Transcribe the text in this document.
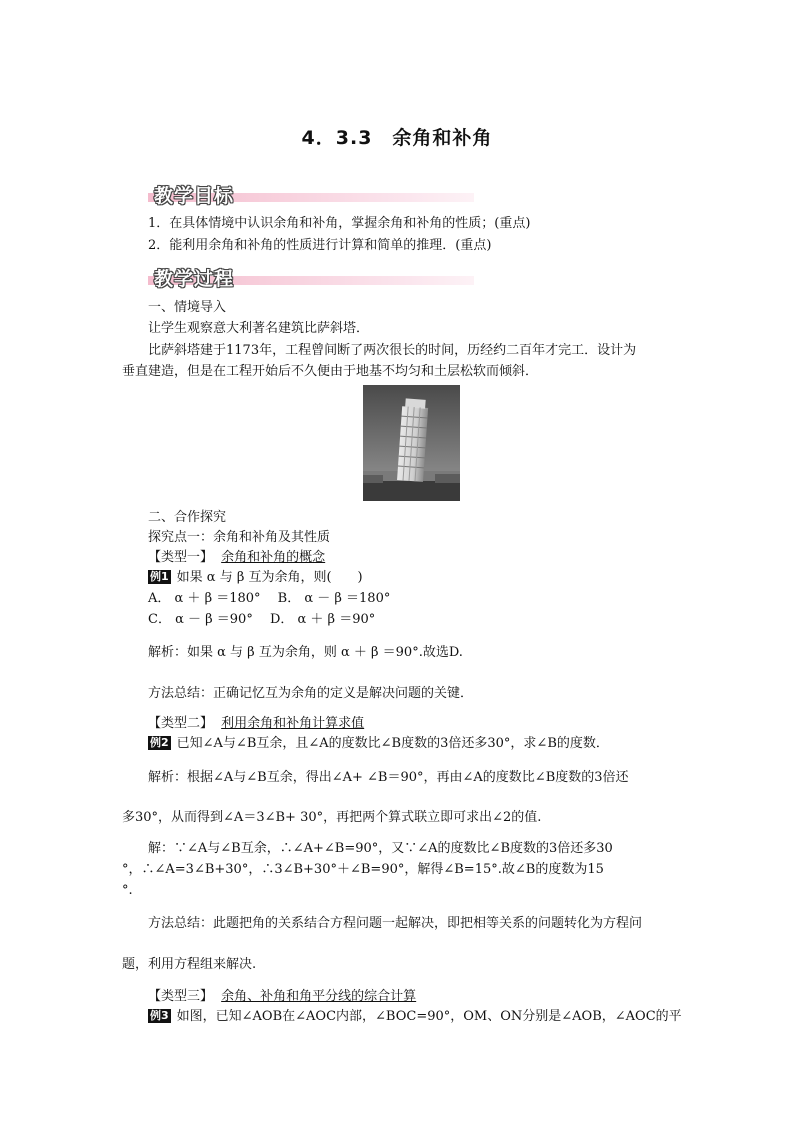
4．3.3　余角和补角
教学目标
1．在具体情境中认识余角和补角，掌握余角和补角的性质；(重点)
2．能利用余角和补角的性质进行计算和简单的推理．(重点)
教学过程
一、情境导入
让学生观察意大利著名建筑比萨斜塔．
比萨斜塔建于1173年，工程曾间断了两次很长的时间，历经约二百年才完工．设计为
垂直建造，但是在工程开始后不久便由于地基不均匀和土层松软而倾斜．
二、合作探究
探究点一：余角和补角及其性质
【类型一】 余角和补角的概念
例1 如果 α 与 β 互为余角，则(　　)
A． α ＋ β ＝180°　 B． α － β ＝180°
C． α － β ＝90°　 D． α ＋ β ＝90°
解析：如果 α 与 β 互为余角，则 α ＋ β ＝90°.故选D.
方法总结：正确记忆互为余角的定义是解决问题的关键．
【类型二】 利用余角和补角计算求值
例2 已知∠A与∠B互余，且∠A的度数比∠B度数的3倍还多30°，求∠B的度数．
解析：根据∠A与∠B互余，得出∠A+ ∠B＝90°，再由∠A的度数比∠B度数的3倍还
多30°，从而得到∠A＝3∠B+ 30°，再把两个算式联立即可求出∠2的值.
解：∵∠A与∠B互余，∴∠A+∠B=90°，又∵∠A的度数比∠B度数的3倍还多30
°，∴∠A=3∠B+30°，∴3∠B+30°＋∠B=90°，解得∠B=15°.故∠B的度数为15
°.
方法总结：此题把角的关系结合方程问题一起解决，即把相等关系的问题转化为方程问
题，利用方程组来解决.
【类型三】 余角、补角和角平分线的综合计算
例3 如图，已知∠AOB在∠AOC内部，∠BOC=90°，OM、ON分别是∠AOB，∠AOC的平
